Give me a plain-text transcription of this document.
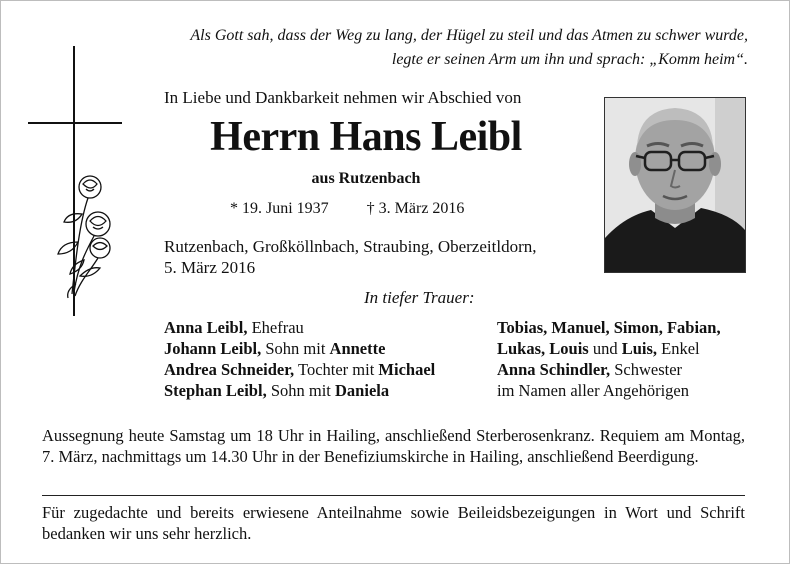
Als Gott sah, dass der Weg zu lang, der Hügel zu steil und das Atmen zu schwer wurde,
legte er seinen Arm um ihn und sprach: „Komm heim“.
In Liebe und Dankbarkeit nehmen wir Abschied von
Herrn Hans Leibl
aus Rutzenbach
* 19. Juni 1937 † 3. März 2016
Rutzenbach, Großköllnbach, Straubing, Oberzeitldorn,
5. März 2016
In tiefer Trauer:
Anna Leibl, Ehefrau
Johann Leibl, Sohn mit Annette
Andrea Schneider, Tochter mit Michael
Stephan Leibl, Sohn mit Daniela
Tobias, Manuel, Simon, Fabian,
Lukas, Louis und Luis, Enkel
Anna Schindler, Schwester
im Namen aller Angehörigen
Aussegnung heute Samstag um 18 Uhr in Hailing, anschließend Sterberosenkranz. Requiem am Montag, 7. März, nachmittags um 14.30 Uhr in der Benefiziumskirche in Hailing, anschließend Beerdigung.
Für zugedachte und bereits erwiesene Anteilnahme sowie Beileidsbezeigungen in Wort und Schrift bedanken wir uns sehr herzlich.
